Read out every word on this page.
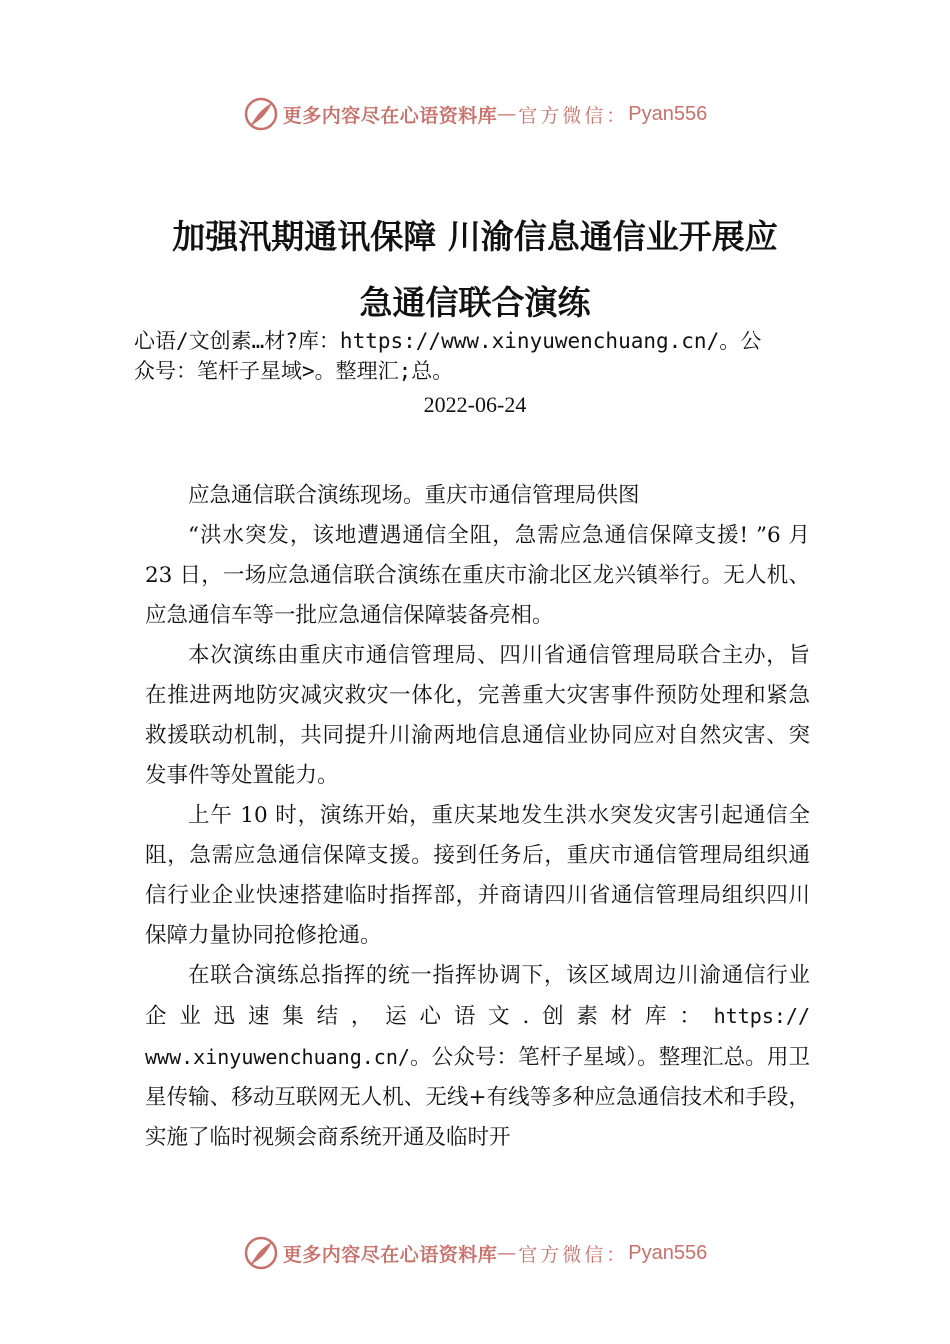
更多内容尽在心语资料库 — 官方微信： Pyan556
加强汛期通讯保障 川渝信息通信业开展应
急通信联合演练
心语/文创素…材?库：https://www.xinyuwenchuang.cn/。公
众号：笔杆子星域>。整理汇;总。
2022-06-24

应急通信联合演练现场。重庆市通信管理局供图

“洪水突发，该地遭遇通信全阻，急需应急通信保障支援! ”6 月 23 日，一场应急通信联合演练在重庆市渝北区龙兴镇举行。无人机、应急通信车等一批应急通信保障装备亮相。

本次演练由重庆市通信管理局、四川省通信管理局联合主办，旨在推进两地防灾减灾救灾一体化，完善重大灾害事件预防处理和紧急救援联动机制，共同提升川渝两地信息通信业协同应对自然灾害、突发事件等处置能力。

上午 10 时，演练开始，重庆某地发生洪水突发灾害引起通信全阻，急需应急通信保障支援。接到任务后，重庆市通信管理局组织通信行业企业快速搭建临时指挥部，并商请四川省通信管理局组织四川保障力量协同抢修抢通。

在联合演练总指挥的统一指挥协调下，该区域周边川渝通信行业企业迅速集结，运心语文.创素材库：https:// www.xinyuwenchuang.cn/。公众号：笔杆子星域）。整理汇总。用卫星传输、移动互联网无人机、无线+有线等多种应急通信技术和手段，实施了临时视频会商系统开通及临时开

更多内容尽在心语资料库 — 官方微信： Pyan556
